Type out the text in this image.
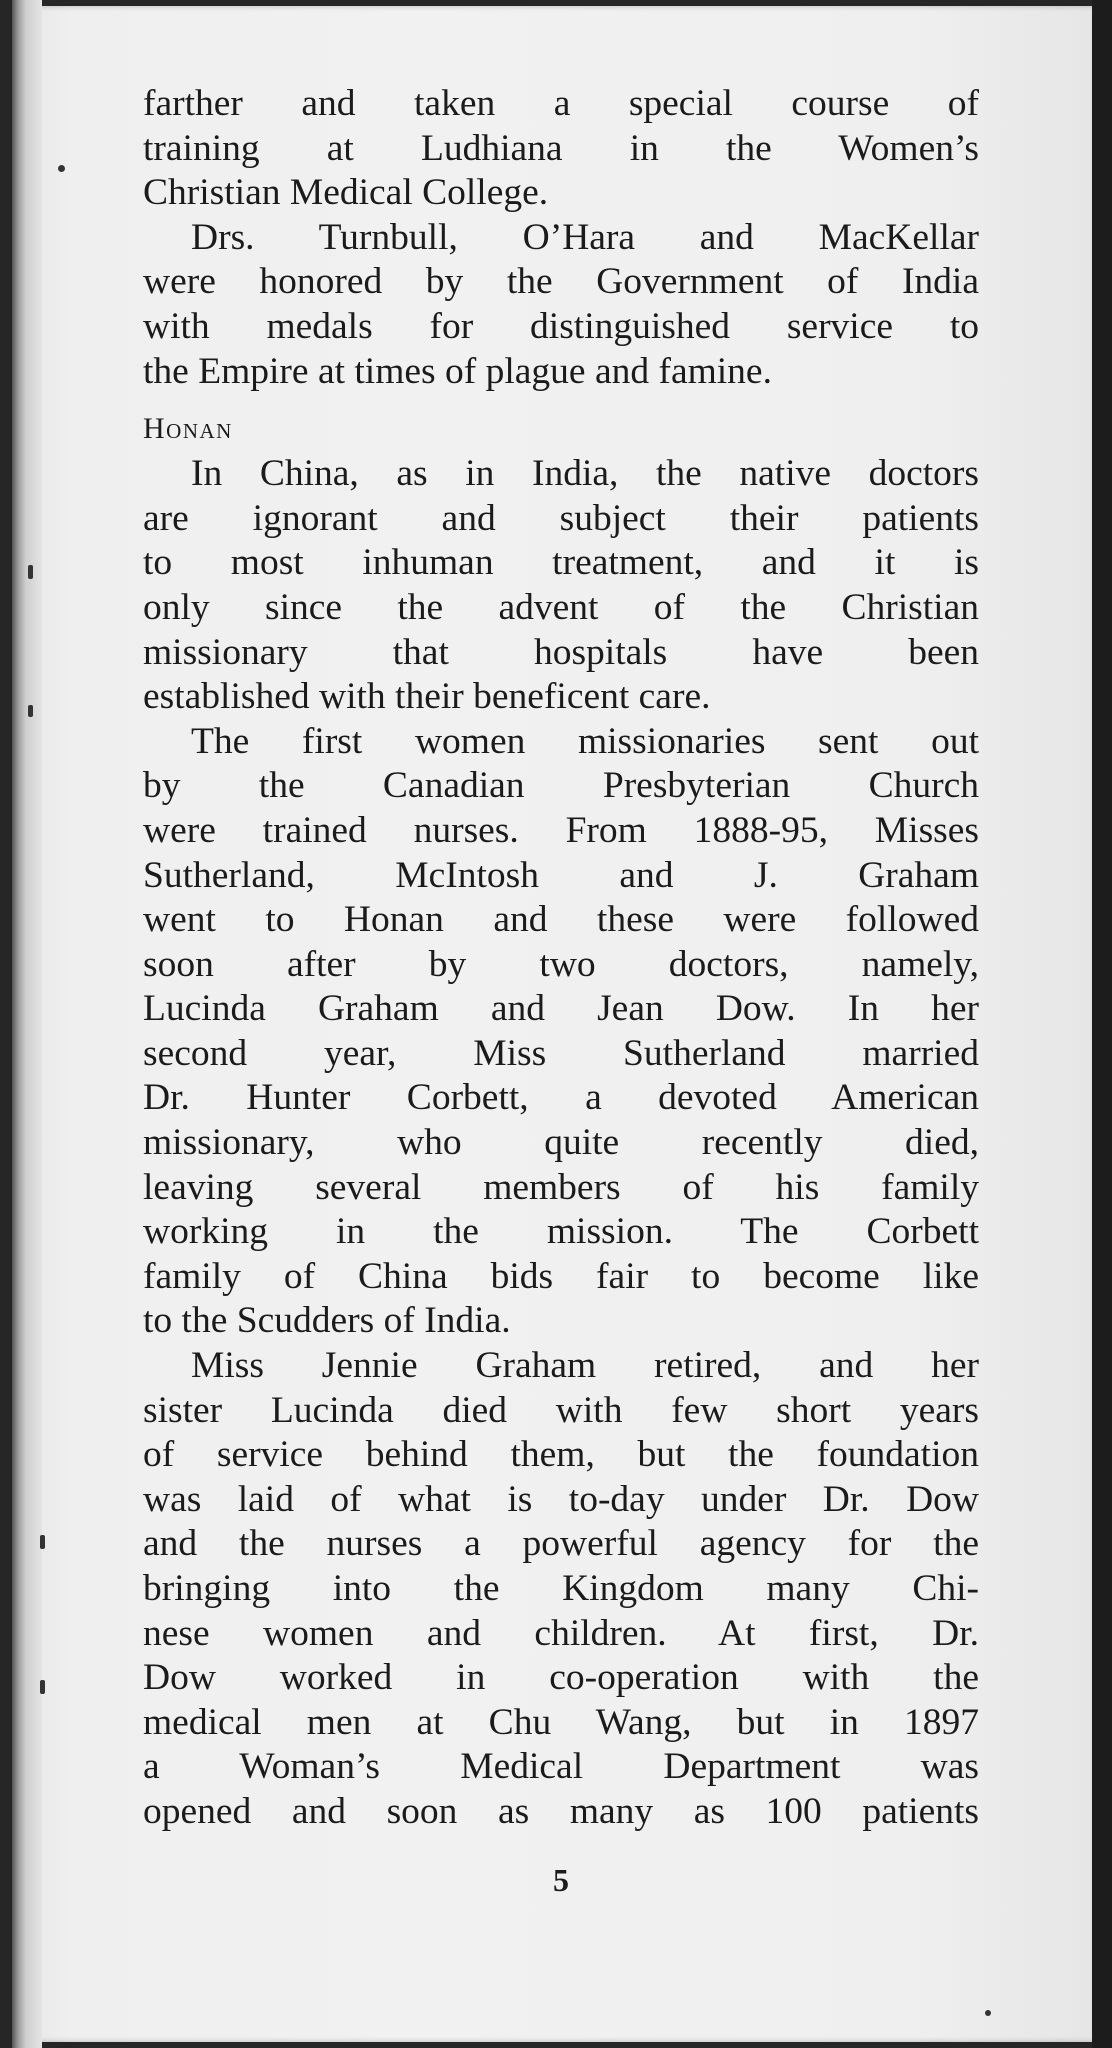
farther and taken a special course of
training at Ludhiana in the Women’s
Christian Medical College.
Drs. Turnbull, O’Hara and MacKellar
were honored by the Government of India
with medals for distinguished service to
the Empire at times of plague and famine.
Honan
In China, as in India, the native doctors
are ignorant and subject their patients
to most inhuman treatment, and it is
only since the advent of the Christian
missionary that hospitals have been
established with their beneficent care.
The first women missionaries sent out
by the Canadian Presbyterian Church
were trained nurses. From 1888-95, Misses
Sutherland, McIntosh and J. Graham
went to Honan and these were followed
soon after by two doctors, namely,
Lucinda Graham and Jean Dow. In her
second year, Miss Sutherland married
Dr. Hunter Corbett, a devoted American
missionary, who quite recently died,
leaving several members of his family
working in the mission. The Corbett
family of China bids fair to become like
to the Scudders of India.
Miss Jennie Graham retired, and her
sister Lucinda died with few short years
of service behind them, but the foundation
was laid of what is to-day under Dr. Dow
and the nurses a powerful agency for the
bringing into the Kingdom many Chi-
nese women and children. At first, Dr.
Dow worked in co-operation with the
medical men at Chu Wang, but in 1897
a Woman’s Medical Department was
opened and soon as many as 100 patients
5
